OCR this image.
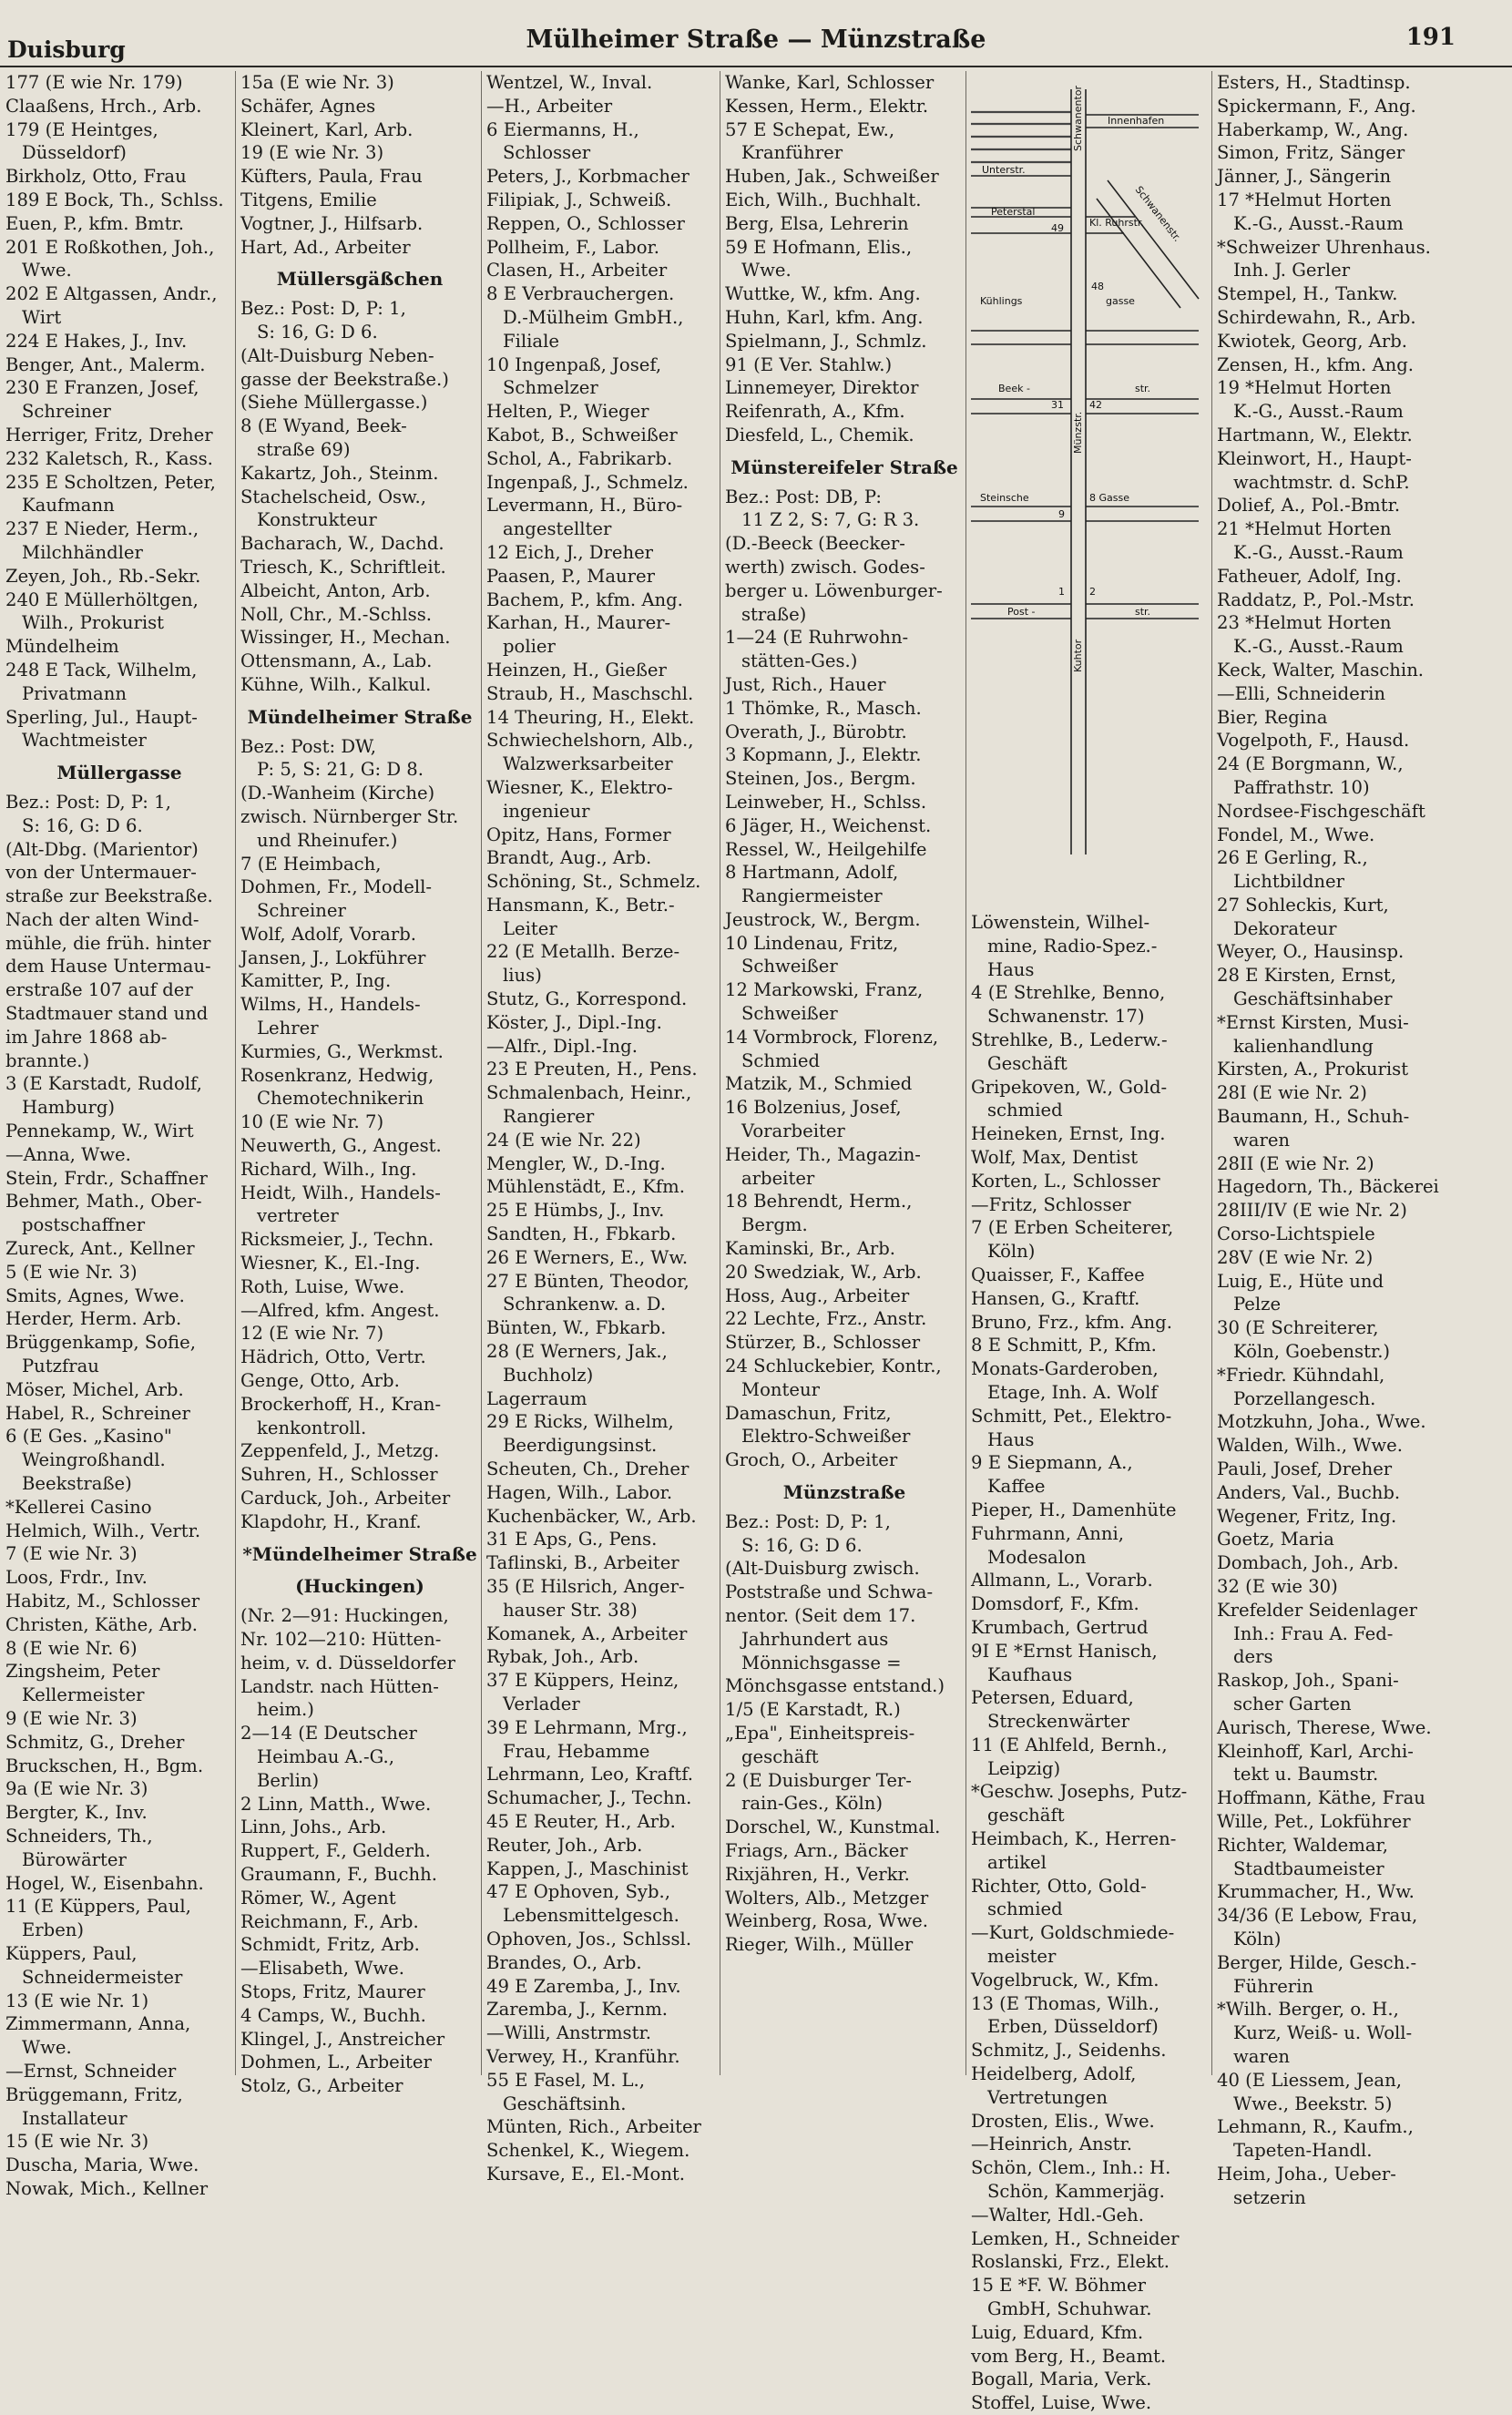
Duisburg	Mülheimer Straße — Münzstraße	191
177 (E wie Nr. 179)
Claaßens, Hrch., Arb.
179 (E Heintges,
Düsseldorf)
Birkholz, Otto, Frau
189 E Bock, Th., Schlss.
Euen, P., kfm. Bmtr.
201 E Roßkothen, Joh.,
Wwe.
202 E Altgassen, Andr.,
Wirt
224 E Hakes, J., Inv.
Benger, Ant., Malerm.
230 E Franzen, Josef,
Schreiner
Herriger, Fritz, Dreher
232 Kaletsch, R., Kass.
235 E Scholtzen, Peter,
Kaufmann
237 E Nieder, Herm.,
Milchhändler
Zeyen, Joh., Rb.-Sekr.
240 E Müllerhöltgen,
Wilh., Prokurist
Mündelheim
248 E Tack, Wilhelm,
Privatmann
Sperling, Jul., Haupt-
Wachtmeister
Müllergasse
Bez.: Post: D, P: 1,
S: 16, G: D 6.
(Alt-Dbg. (Marientor)
von der Untermauer-
straße zur Beekstraße.
Nach der alten Wind-
mühle, die früh. hinter
dem Hause Untermau-
erstraße 107 auf der
Stadtmauer stand und
im Jahre 1868 ab-
brannte.)
3 (E Karstadt, Rudolf,
Hamburg)
Pennekamp, W., Wirt
—Anna, Wwe.
Stein, Frdr., Schaffner
Behmer, Math., Ober-
postschaffner
Zureck, Ant., Kellner
5 (E wie Nr. 3)
Smits, Agnes, Wwe.
Herder, Herm. Arb.
Brüggenkamp, Sofie,
Putzfrau
Möser, Michel, Arb.
Habel, R., Schreiner
6 (E Ges. „Kasino"
Weingroßhandl.
Beekstraße)
*Kellerei Casino
Helmich, Wilh., Vertr.
7 (E wie Nr. 3)
Loos, Frdr., Inv.
Habitz, M., Schlosser
Christen, Käthe, Arb.
8 (E wie Nr. 6)
Zingsheim, Peter
Kellermeister
9 (E wie Nr. 3)
Schmitz, G., Dreher
Bruckschen, H., Bgm.
9a (E wie Nr. 3)
Bergter, K., Inv.
Schneiders, Th.,
Bürowärter
Hogel, W., Eisenbahn.
11 (E Küppers, Paul,
Erben)
Küppers, Paul,
Schneidermeister
13 (E wie Nr. 1)
Zimmermann, Anna,
Wwe.
—Ernst, Schneider
Brüggemann, Fritz,
Installateur
15 (E wie Nr. 3)
Duscha, Maria, Wwe.
Nowak, Mich., Kellner
15a (E wie Nr. 3)
Schäfer, Agnes
Kleinert, Karl, Arb.
19 (E wie Nr. 3)
Küfters, Paula, Frau
Titgens, Emilie
Vogtner, J., Hilfsarb.
Hart, Ad., Arbeiter
Müllersgäßchen
Bez.: Post: D, P: 1,
S: 16, G: D 6.
(Alt-Duisburg Neben-
gasse der Beekstraße.)
(Siehe Müllergasse.)
8 (E Wyand, Beek-
straße 69)
Kakartz, Joh., Steinm.
Stachelscheid, Osw.,
Konstrukteur
Bacharach, W., Dachd.
Triesch, K., Schriftleit.
Albeicht, Anton, Arb.
Noll, Chr., M.-Schlss.
Wissinger, H., Mechan.
Ottensmann, A., Lab.
Kühne, Wilh., Kalkul.
Mündelheimer Straße
Bez.: Post: DW,
P: 5, S: 21, G: D 8.
(D.-Wanheim (Kirche)
zwisch. Nürnberger Str.
und Rheinufer.)
7 (E Heimbach,
Dohmen, Fr., Modell-
Schreiner
Wolf, Adolf, Vorarb.
Jansen, J., Lokführer
Kamitter, P., Ing.
Wilms, H., Handels-
Lehrer
Kurmies, G., Werkmst.
Rosenkranz, Hedwig,
Chemotechnikerin
10 (E wie Nr. 7)
Neuwerth, G., Angest.
Richard, Wilh., Ing.
Heidt, Wilh., Handels-
vertreter
Ricksmeier, J., Techn.
Wiesner, K., El.-Ing.
Roth, Luise, Wwe.
—Alfred, kfm. Angest.
12 (E wie Nr. 7)
Hädrich, Otto, Vertr.
Genge, Otto, Arb.
Brockerhoff, H., Kran-
kenkontroll.
Zeppenfeld, J., Metzg.
Suhren, H., Schlosser
Carduck, Joh., Arbeiter
Klapdohr, H., Kranf.
*Mündelheimer Straße
(Huckingen)
(Nr. 2—91: Huckingen,
Nr. 102—210: Hütten-
heim, v. d. Düsseldorfer
Landstr. nach Hütten-
heim.)
2—14 (E Deutscher
Heimbau A.-G.,
Berlin)
2 Linn, Matth., Wwe.
Linn, Johs., Arb.
Ruppert, F., Gelderh.
Graumann, F., Buchh.
Römer, W., Agent
Reichmann, F., Arb.
Schmidt, Fritz, Arb.
—Elisabeth, Wwe.
Stops, Fritz, Maurer
4 Camps, W., Buchh.
Klingel, J., Anstreicher
Dohmen, L., Arbeiter
Stolz, G., Arbeiter
Wentzel, W., Inval.
—H., Arbeiter
6 Eiermanns, H.,
Schlosser
Peters, J., Korbmacher
Filipiak, J., Schweiß.
Reppen, O., Schlosser
Pollheim, F., Labor.
Clasen, H., Arbeiter
8 E Verbrauchergen.
D.-Mülheim GmbH.,
Filiale
10 Ingenpaß, Josef,
Schmelzer
Helten, P., Wieger
Kabot, B., Schweißer
Schol, A., Fabrikarb.
Ingenpaß, J., Schmelz.
Levermann, H., Büro-
angestellter
12 Eich, J., Dreher
Paasen, P., Maurer
Bachem, P., kfm. Ang.
Karhan, H., Maurer-
polier
Heinzen, H., Gießer
Straub, H., Maschschl.
14 Theuring, H., Elekt.
Schwiechelshorn, Alb.,
Walzwerksarbeiter
Wiesner, K., Elektro-
ingenieur
Opitz, Hans, Former
Brandt, Aug., Arb.
Schöning, St., Schmelz.
Hansmann, K., Betr.-
Leiter
22 (E Metallh. Berze-
lius)
Stutz, G., Korrespond.
Köster, J., Dipl.-Ing.
—Alfr., Dipl.-Ing.
23 E Preuten, H., Pens.
Schmalenbach, Heinr.,
Rangierer
24 (E wie Nr. 22)
Mengler, W., D.-Ing.
Mühlenstädt, E., Kfm.
25 E Hümbs, J., Inv.
Sandten, H., Fbkarb.
26 E Werners, E., Ww.
27 E Bünten, Theodor,
Schrankenw. a. D.
Bünten, W., Fbkarb.
28 (E Werners, Jak.,
Buchholz)
Lagerraum
29 E Ricks, Wilhelm,
Beerdigungsinst.
Scheuten, Ch., Dreher
Hagen, Wilh., Labor.
Kuchenbäcker, W., Arb.
31 E Aps, G., Pens.
Taflinski, B., Arbeiter
35 (E Hilsrich, Anger-
hauser Str. 38)
Komanek, A., Arbeiter
Rybak, Joh., Arb.
37 E Küppers, Heinz,
Verlader
39 E Lehrmann, Mrg.,
Frau, Hebamme
Lehrmann, Leo, Kraftf.
Schumacher, J., Techn.
45 E Reuter, H., Arb.
Reuter, Joh., Arb.
Kappen, J., Maschinist
47 E Ophoven, Syb.,
Lebensmittelgesch.
Ophoven, Jos., Schlssl.
Brandes, O., Arb.
49 E Zaremba, J., Inv.
Zaremba, J., Kernm.
—Willi, Anstrmstr.
Verwey, H., Kranführ.
55 E Fasel, M. L.,
Geschäftsinh.
Münten, Rich., Arbeiter
Schenkel, K., Wiegem.
Kursave, E., El.-Mont.
Wanke, Karl, Schlosser
Kessen, Herm., Elektr.
57 E Schepat, Ew.,
Kranführer
Huben, Jak., Schweißer
Eich, Wilh., Buchhalt.
Berg, Elsa, Lehrerin
59 E Hofmann, Elis.,
Wwe.
Wuttke, W., kfm. Ang.
Huhn, Karl, kfm. Ang.
Spielmann, J., Schmlz.
91 (E Ver. Stahlw.)
Linnemeyer, Direktor
Reifenrath, A., Kfm.
Diesfeld, L., Chemik.
Münstereifeler Straße
Bez.: Post: DB, P:
11 Z 2, S: 7, G: R 3.
(D.-Beeck (Beecker-
werth) zwisch. Godes-
berger u. Löwenburger-
straße)
1—24 (E Ruhrwohn-
stätten-Ges.)
Just, Rich., Hauer
1 Thömke, R., Masch.
Overath, J., Bürobtr.
3 Kopmann, J., Elektr.
Steinen, Jos., Bergm.
Leinweber, H., Schlss.
6 Jäger, H., Weichenst.
Ressel, W., Heilgehilfe
8 Hartmann, Adolf,
Rangiermeister
Jeustrock, W., Bergm.
10 Lindenau, Fritz,
Schweißer
12 Markowski, Franz,
Schweißer
14 Vormbrock, Florenz,
Schmied
Matzik, M., Schmied
16 Bolzenius, Josef,
Vorarbeiter
Heider, Th., Magazin-
arbeiter
18 Behrendt, Herm.,
Bergm.
Kaminski, Br., Arb.
20 Swedziak, W., Arb.
Hoss, Aug., Arbeiter
22 Lechte, Frz., Anstr.
Stürzer, B., Schlosser
24 Schluckebier, Kontr.,
Monteur
Damaschun, Fritz,
Elektro-Schweißer
Groch, O., Arbeiter
Münzstraße
Bez.: Post: D, P: 1,
S: 16, G: D 6.
(Alt-Duisburg zwisch.
Poststraße und Schwa-
nentor. (Seit dem 17.
Jahrhundert aus
Mönnichsgasse =
Mönchsgasse entstand.)
1/5 (E Karstadt, R.)
„Epa", Einheitspreis-
geschäft
2 (E Duisburger Ter-
rain-Ges., Köln)
Dorschel, W., Kunstmal.
Friags, Arn., Bäcker
Rixjähren, H., Verkr.
Wolters, Alb., Metzger
Weinberg, Rosa, Wwe.
Rieger, Wilh., Müller
Löwenstein, Wilhel-
mine, Radio-Spez.-
Haus
4 (E Strehlke, Benno,
Schwanenstr. 17)
Strehlke, B., Lederw.-
Geschäft
Gripekoven, W., Gold-
schmied
Heineken, Ernst, Ing.
Wolf, Max, Dentist
Korten, L., Schlosser
—Fritz, Schlosser
7 (E Erben Scheiterer,
Köln)
Quaisser, F., Kaffee
Hansen, G., Kraftf.
Bruno, Frz., kfm. Ang.
8 E Schmitt, P., Kfm.
Monats-Garderoben,
Etage, Inh. A. Wolf
Schmitt, Pet., Elektro-
Haus
9 E Siepmann, A.,
Kaffee
Pieper, H., Damenhüte
Fuhrmann, Anni,
Modesalon
Allmann, L., Vorarb.
Domsdorf, F., Kfm.
Krumbach, Gertrud
9I E *Ernst Hanisch,
Kaufhaus
Petersen, Eduard,
Streckenwärter
11 (E Ahlfeld, Bernh.,
Leipzig)
*Geschw. Josephs, Putz-
geschäft
Heimbach, K., Herren-
artikel
Richter, Otto, Gold-
schmied
—Kurt, Goldschmiede-
meister
Vogelbruck, W., Kfm.
13 (E Thomas, Wilh.,
Erben, Düsseldorf)
Schmitz, J., Seidenhs.
Heidelberg, Adolf,
Vertretungen
Drosten, Elis., Wwe.
—Heinrich, Anstr.
Schön, Clem., Inh.: H.
Schön, Kammerjäg.
—Walter, Hdl.-Geh.
Lemken, H., Schneider
Roslanski, Frz., Elekt.
15 E *F. W. Böhmer
GmbH, Schuhwar.
Luig, Eduard, Kfm.
vom Berg, H., Beamt.
Bogall, Maria, Verk.
Stoffel, Luise, Wwe.
Esters, H., Stadtinsp.
Spickermann, F., Ang.
Haberkamp, W., Ang.
Simon, Fritz, Sänger
Jänner, J., Sängerin
17 *Helmut Horten
K.-G., Ausst.-Raum
*Schweizer Uhrenhaus.
Inh. J. Gerler
Stempel, H., Tankw.
Schirdewahn, R., Arb.
Kwiotek, Georg, Arb.
Zensen, H., kfm. Ang.
19 *Helmut Horten
K.-G., Ausst.-Raum
Hartmann, W., Elektr.
Kleinwort, H., Haupt-
wachtmstr. d. SchP.
Dolief, A., Pol.-Bmtr.
21 *Helmut Horten
K.-G., Ausst.-Raum
Fatheuer, Adolf, Ing.
Raddatz, P., Pol.-Mstr.
23 *Helmut Horten
K.-G., Ausst.-Raum
Keck, Walter, Maschin.
—Elli, Schneiderin
Bier, Regina
Vogelpoth, F., Hausd.
24 (E Borgmann, W.,
Paffrathstr. 10)
Nordsee-Fischgeschäft
Fondel, M., Wwe.
26 E Gerling, R.,
Lichtbildner
27 Sohleckis, Kurt,
Dekorateur
Weyer, O., Hausinsp.
28 E Kirsten, Ernst,
Geschäftsinhaber
*Ernst Kirsten, Musi-
kalienhandlung
Kirsten, A., Prokurist
28I (E wie Nr. 2)
Baumann, H., Schuh-
waren
28II (E wie Nr. 2)
Hagedorn, Th., Bäckerei
28III/IV (E wie Nr. 2)
Corso-Lichtspiele
28V (E wie Nr. 2)
Luig, E., Hüte und
Pelze
30 (E Schreiterer,
Köln, Goebenstr.)
*Friedr. Kühndahl,
Porzellangesch.
Motzkuhn, Joha., Wwe.
Walden, Wilh., Wwe.
Pauli, Josef, Dreher
Anders, Val., Buchb.
Wegener, Fritz, Ing.
Goetz, Maria
Dombach, Joh., Arb.
32 (E wie 30)
Krefelder Seidenlager
Inh.: Frau A. Fed-
ders
Raskop, Joh., Spani-
scher Garten
Aurisch, Therese, Wwe.
Kleinhoff, Karl, Archi-
tekt u. Baumstr.
Hoffmann, Käthe, Frau
Wille, Pet., Lokführer
Richter, Waldemar,
Stadtbaumeister
Krummacher, H., Ww.
34/36 (E Lebow, Frau,
Köln)
Berger, Hilde, Gesch.-
Führerin
*Wilh. Berger, o. H.,
Kurz, Weiß- u. Woll-
waren
40 (E Liessem, Jean,
Wwe., Beekstr. 5)
Lehmann, R., Kaufm.,
Tapeten-Handl.
Heim, Joha., Ueber-
setzerin
Schwanentor Innenhafen
Unterstr.
Peterstal
49	Kl. Ruhrstr.
Schwanenstr.
48
Kühlings	gasse
Beek -
31	42
str.
Münzstr.
Steinsche
9
8 Gasse
Post -
1 2
str.
Kuhtor
